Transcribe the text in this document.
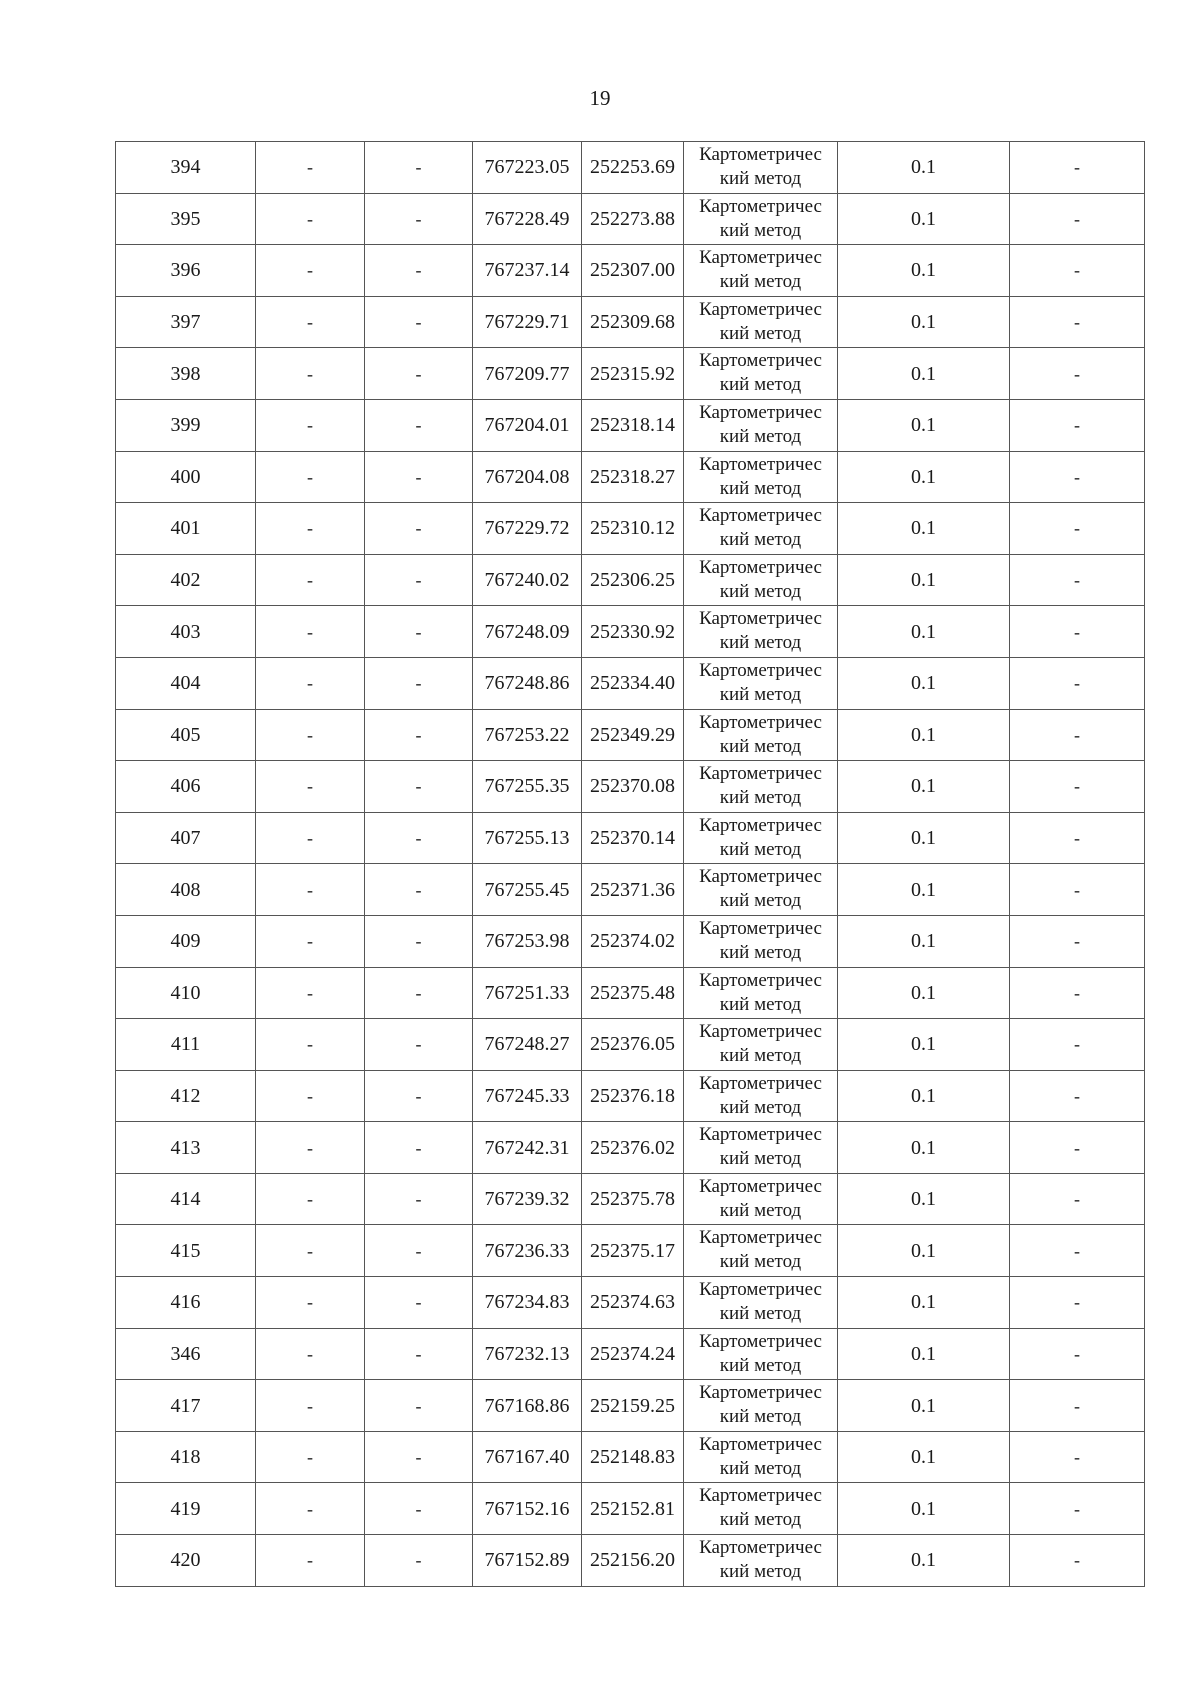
19
394	-	-	767223.05	252253.69	Картометричес
кий метод	0.1	-
395	-	-	767228.49	252273.88	Картометричес
кий метод	0.1	-
396	-	-	767237.14	252307.00	Картометричес
кий метод	0.1	-
397	-	-	767229.71	252309.68	Картометричес
кий метод	0.1	-
398	-	-	767209.77	252315.92	Картометричес
кий метод	0.1	-
399	-	-	767204.01	252318.14	Картометричес
кий метод	0.1	-
400	-	-	767204.08	252318.27	Картометричес
кий метод	0.1	-
401	-	-	767229.72	252310.12	Картометричес
кий метод	0.1	-
402	-	-	767240.02	252306.25	Картометричес
кий метод	0.1	-
403	-	-	767248.09	252330.92	Картометричес
кий метод	0.1	-
404	-	-	767248.86	252334.40	Картометричес
кий метод	0.1	-
405	-	-	767253.22	252349.29	Картометричес
кий метод	0.1	-
406	-	-	767255.35	252370.08	Картометричес
кий метод	0.1	-
407	-	-	767255.13	252370.14	Картометричес
кий метод	0.1	-
408	-	-	767255.45	252371.36	Картометричес
кий метод	0.1	-
409	-	-	767253.98	252374.02	Картометричес
кий метод	0.1	-
410	-	-	767251.33	252375.48	Картометричес
кий метод	0.1	-
411	-	-	767248.27	252376.05	Картометричес
кий метод	0.1	-
412	-	-	767245.33	252376.18	Картометричес
кий метод	0.1	-
413	-	-	767242.31	252376.02	Картометричес
кий метод	0.1	-
414	-	-	767239.32	252375.78	Картометричес
кий метод	0.1	-
415	-	-	767236.33	252375.17	Картометричес
кий метод	0.1	-
416	-	-	767234.83	252374.63	Картометричес
кий метод	0.1	-
346	-	-	767232.13	252374.24	Картометричес
кий метод	0.1	-
417	-	-	767168.86	252159.25	Картометричес
кий метод	0.1	-
418	-	-	767167.40	252148.83	Картометричес
кий метод	0.1	-
419	-	-	767152.16	252152.81	Картометричес
кий метод	0.1	-
420	-	-	767152.89	252156.20	Картометричес
кий метод	0.1	-
